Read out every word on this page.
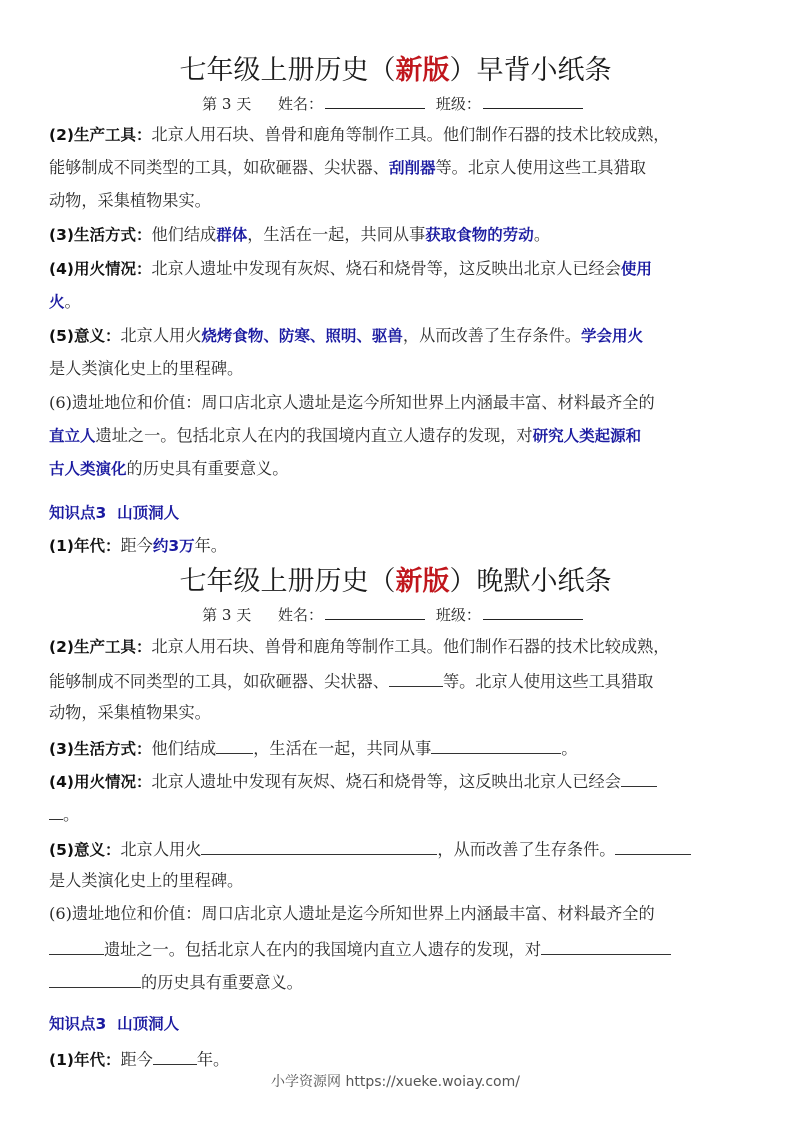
七年级上册历史（新版）早背小纸条
第 3 天 姓名：	班级：
(2)生产工具：北京人用石块、兽骨和鹿角等制作工具。他们制作石器的技术比较成熟，
能够制成不同类型的工具，如砍砸器、尖状器、刮削器等。北京人使用这些工具猎取
动物，采集植物果实。
(3)生活方式：他们结成群体，生活在一起，共同从事获取食物的劳动。
(4)用火情况：北京人遗址中发现有灰烬、烧石和烧骨等，这反映出北京人已经会使用
火。
(5)意义：北京人用火烧烤食物、防寒、照明、驱兽，从而改善了生存条件。学会用火
是人类演化史上的里程碑。
(6)遗址地位和价值：周口店北京人遗址是迄今所知世界上内涵最丰富、材料最齐全的
直立人遗址之一。包括北京人在内的我国境内直立人遗存的发现，对研究人类起源和
古人类演化的历史具有重要意义。
知识点3  山顶洞人
(1)年代：距今约3万年。
七年级上册历史（新版）晚默小纸条
第 3 天 姓名：	班级：
(2)生产工具：北京人用石块、兽骨和鹿角等制作工具。他们制作石器的技术比较成熟，
能够制成不同类型的工具，如砍砸器、尖状器、	等。北京人使用这些工具猎取
动物，采集植物果实。
(3)生活方式：他们结成 ，生活在一起，共同从事	。
(4)用火情况：北京人遗址中发现有灰烬、烧石和烧骨等，这反映出北京人已经会
。
(5)意义：北京人用火	，从而改善了生存条件。
是人类演化史上的里程碑。
(6)遗址地位和价值：周口店北京人遗址是迄今所知世界上内涵最丰富、材料最齐全的
遗址之一。包括北京人在内的我国境内直立人遗存的发现，对
的历史具有重要意义。
知识点3  山顶洞人
(1)年代：距今	年。
小学资源网 https://xueke.woiay.com/
